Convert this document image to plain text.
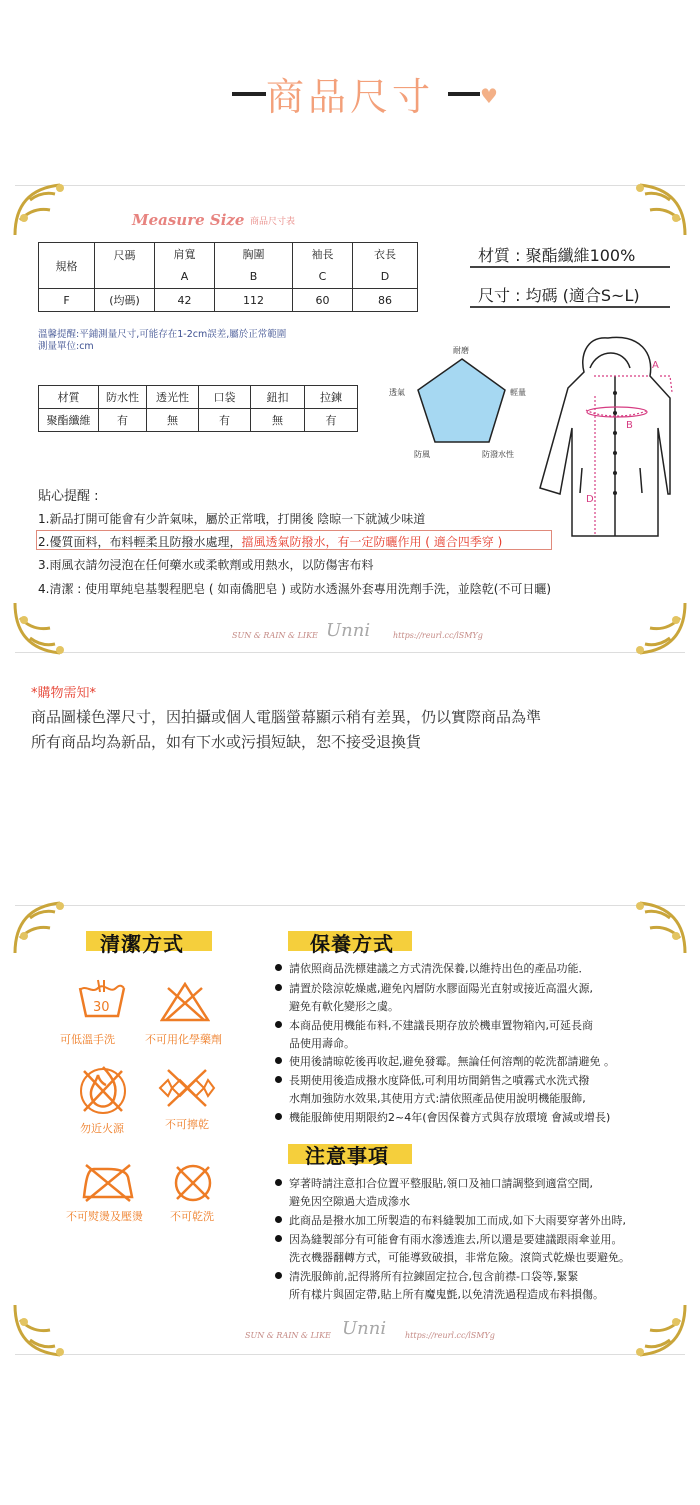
商品尺寸	♥
Measure Size 商品尺寸表
規格	尺碼	肩寬	胸圍	袖長	衣長
		A	B	C	D
F	(均碼)	42	112	60	86
溫馨提醒:平鋪測量尺寸,可能存在1-2cm誤差,屬於正常範圍
測量單位:cm
材質	防水性	透光性	口袋	鈕扣	拉鍊
聚酯纖維	有	無	有	無	有
材質 : 聚酯纖維100%
尺寸 : 均碼 (適合S~L)
耐磨
透氣	輕量
防風	防潑水性
A
B
D
貼心提醒 :
1.新品打開可能會有少許氣味，屬於正常哦，打開後 陰晾一下就減少味道
2.優質面料，布料輕柔且防撥水處理，擋風透氣防撥水，有一定防曬作用 ( 適合四季穿 )
3.雨風衣請勿浸泡在任何藥水或柔軟劑或用熱水，以防傷害布料
4.清潔 : 使用單純皂基製程肥皂 ( 如南僑肥皂 ) 或防水透濕外套專用洗劑手洗，並陰乾(不可日曬)
SUN & RAIN & LIKE Unni	https://reurl.cc/lSMYg
*購物需知*
商品圖樣色澤尺寸，因拍攝或個人電腦螢幕顯示稍有差異，仍以實際商品為準
所有商品均為新品，如有下水或污損短缺，恕不接受退換貨
清潔方式
30
可低溫手洗	不可用化學藥劑
勿近火源	不可擰乾
不可熨燙及壓燙 不可乾洗
保養方式
請依照商品洗標建議之方式清洗保養,以維持出色的產品功能．
請置於陰涼乾燥處,避免內層防水膠面陽光直射或接近高溫火源,
避免有軟化變形之虞。
本商品使用機能布料,不建議長期存放於機車置物箱內,可延長商
品使用壽命。
使用後請晾乾後再收起,避免發霉。無論任何溶劑的乾洗都請避免 。
長期使用後造成撥水度降低,可利用坊間銷售之噴霧式水洗式撥
水劑加強防水效果,其使用方式:請依照產品使用說明機能服飾,
機能服飾使用期限約2~4年(會因保養方式與存放環境 會減或增長)
注意事項
穿著時請注意扣合位置平整服貼,領口及袖口請調整到適當空間,
避免因空隙過大造成滲水
此商品是撥水加工所製造的布料縫製加工而成,如下大雨要穿著外出時,
因為縫製部分有可能會有雨水滲透進去,所以還是要建議跟雨傘並用。
洗衣機器翻轉方式，可能導致破損，非常危險。滾筒式乾燥也要避免。
清洗服飾前,記得將所有拉鍊固定拉合,包含前襟-口袋等,緊緊
所有樣片與固定帶,貼上所有魔鬼氈,以免清洗過程造成布料損傷。
SUN & RAIN & LIKE Unni https://reurl.cc/lSMYg
